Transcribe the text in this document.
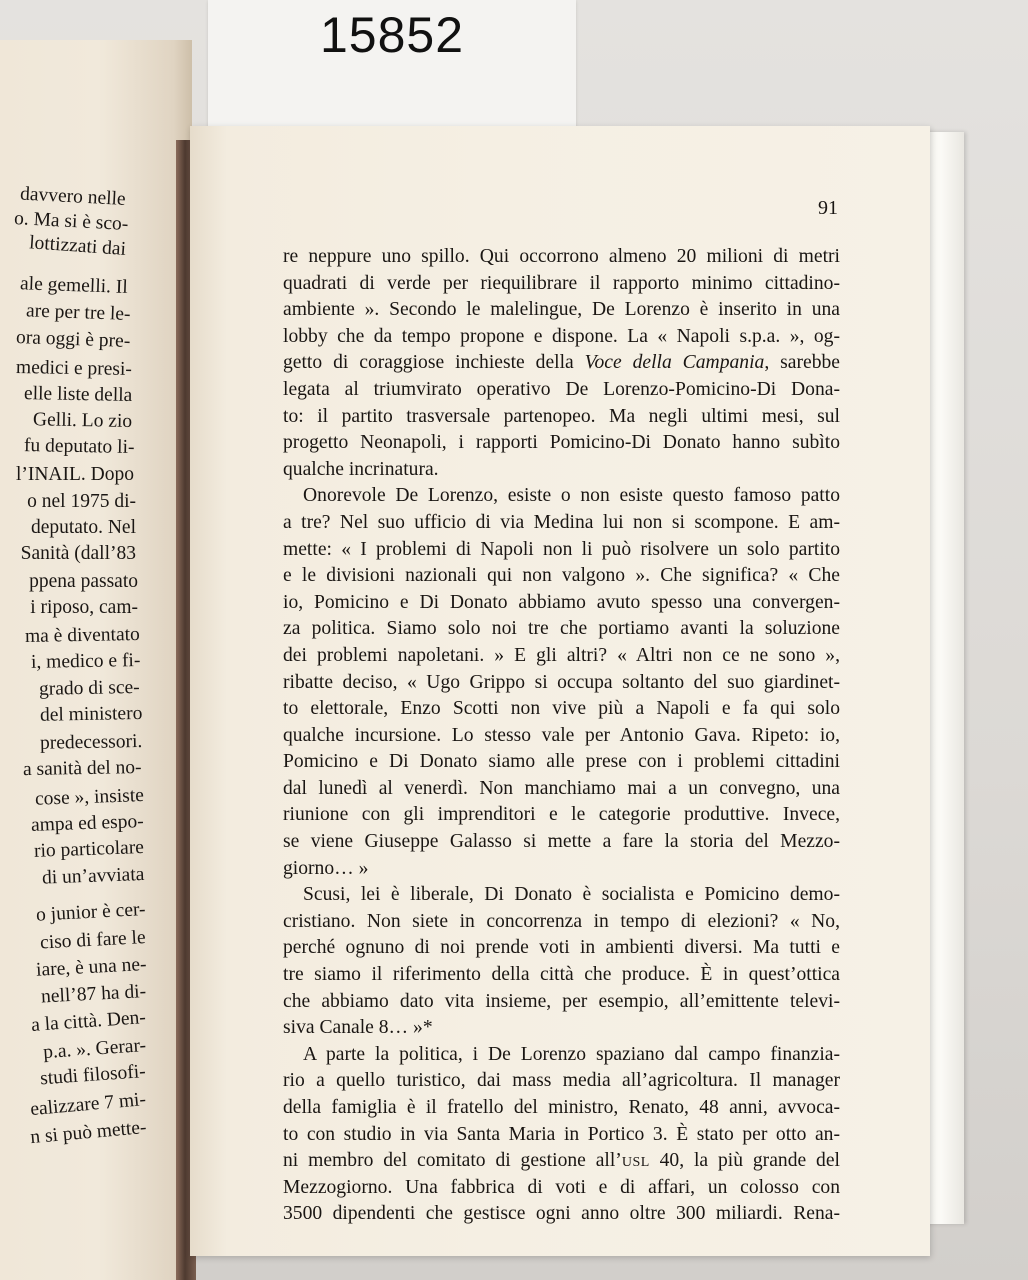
15852
davvero nelle
o. Ma si è sco-
lottizzati dai
ale gemelli. Il
are per tre le-
ora oggi è pre-
medici e presi-
elle liste della
Gelli. Lo zio
fu deputato li-
l’INAIL. Dopo
o nel 1975 di-
deputato. Nel
Sanità (dall’83
ppena passato
i riposo, cam-
ma è diventato
i, medico e fi-
grado di sce-
del ministero
predecessori.
a sanità del no-
cose », insiste
ampa ed espo-
rio particolare
di un’avviata
o junior è cer-
ciso di fare le
iare, è una ne-
nell’87 ha di-
a la città. Den-
p.a. ». Gerar-
studi filosofi-
ealizzare 7 mi-
n si può mette-
91
re neppure uno spillo. Qui occorrono almeno 20 milioni di metri
quadrati di verde per riequilibrare il rapporto minimo cittadino-
ambiente ». Secondo le malelingue, De Lorenzo è inserito in una
lobby che da tempo propone e dispone. La « Napoli s.p.a. », og-
getto di coraggiose inchieste della Voce della Campania, sarebbe
legata al triumvirato operativo De Lorenzo-Pomicino-Di Dona-
to: il partito trasversale partenopeo. Ma negli ultimi mesi, sul
progetto Neonapoli, i rapporti Pomicino-Di Donato hanno subìto
qualche incrinatura.
Onorevole De Lorenzo, esiste o non esiste questo famoso patto
a tre? Nel suo ufficio di via Medina lui non si scompone. E am-
mette: « I problemi di Napoli non li può risolvere un solo partito
e le divisioni nazionali qui non valgono ». Che significa? « Che
io, Pomicino e Di Donato abbiamo avuto spesso una convergen-
za politica. Siamo solo noi tre che portiamo avanti la soluzione
dei problemi napoletani. » E gli altri? « Altri non ce ne sono »,
ribatte deciso, « Ugo Grippo si occupa soltanto del suo giardinet-
to elettorale, Enzo Scotti non vive più a Napoli e fa qui solo
qualche incursione. Lo stesso vale per Antonio Gava. Ripeto: io,
Pomicino e Di Donato siamo alle prese con i problemi cittadini
dal lunedì al venerdì. Non manchiamo mai a un convegno, una
riunione con gli imprenditori e le categorie produttive. Invece,
se viene Giuseppe Galasso si mette a fare la storia del Mezzo-
giorno… »
Scusi, lei è liberale, Di Donato è socialista e Pomicino demo-
cristiano. Non siete in concorrenza in tempo di elezioni? « No,
perché ognuno di noi prende voti in ambienti diversi. Ma tutti e
tre siamo il riferimento della città che produce. È in quest’ottica
che abbiamo dato vita insieme, per esempio, all’emittente televi-
siva Canale 8… »*
A parte la politica, i De Lorenzo spaziano dal campo finanzia-
rio a quello turistico, dai mass media all’agricoltura. Il manager
della famiglia è il fratello del ministro, Renato, 48 anni, avvoca-
to con studio in via Santa Maria in Portico 3. È stato per otto an-
ni membro del comitato di gestione all’usl 40, la più grande del
Mezzogiorno. Una fabbrica di voti e di affari, un colosso con
3500 dipendenti che gestisce ogni anno oltre 300 miliardi. Rena-
